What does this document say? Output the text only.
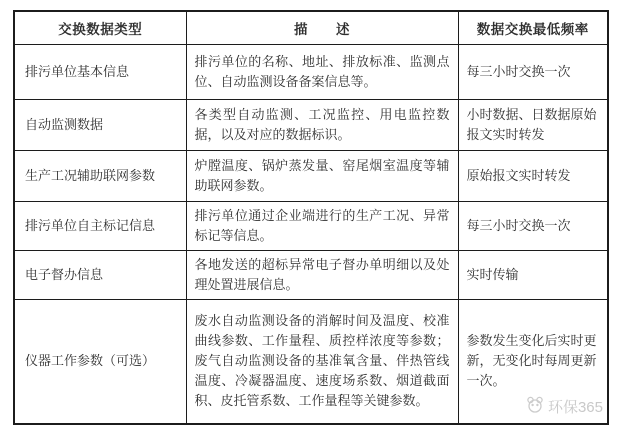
交换数据类型	描　　述	数据交换最低频率
排污单位基本信息	排污单位的名称、地址、排放标准、监测点位、自动监测设备备案信息等。	每三小时交换一次
自动监测数据	各类型自动监测、工况监控、用电监控数据，以及对应的数据标识。	小时数据、日数据原始报文实时转发
生产工况辅助联网参数	炉膛温度、锅炉蒸发量、窑尾烟室温度等辅助联网参数。	原始报文实时转发
排污单位自主标记信息	排污单位通过企业端进行的生产工况、异常标记等信息。	每三小时交换一次
电子督办信息	各地发送的超标异常电子督办单明细以及处理处置进展信息。	实时传输
仪器工作参数（可选）	废水自动监测设备的消解时间及温度、校准曲线参数、工作量程、质控样浓度等参数；废气自动监测设备的基准氧含量、伴热管线温度、冷凝器温度、速度场系数、烟道截面积、皮托管系数、工作量程等关键参数。	参数发生变化后实时更新，无变化时每周更新一次。
环保365
